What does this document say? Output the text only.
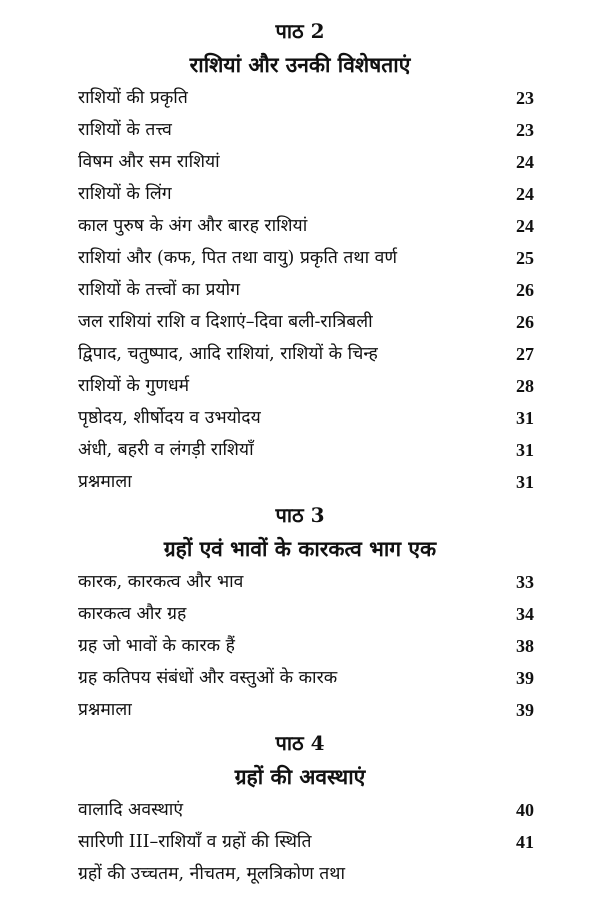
पाठ 2
राशियां और उनकी विशेषताएं
राशियों की प्रकृति	23
राशियों के तत्त्व	23
विषम और सम राशियां	24
राशियों के लिंग	24
काल पुरुष के अंग और बारह राशियां	24
राशियां और (कफ, पित तथा वायु) प्रकृति तथा वर्ण	25
राशियों के तत्त्वों का प्रयोग	26
जल राशियां राशि व दिशाएं–दिवा बली-रात्रिबली	26
द्विपाद, चतुष्पाद, आदि राशियां, राशियों के चिन्ह	27
राशियों के गुणधर्म	28
पृष्ठोदय, शीर्षोदय व उभयोदय	31
अंधी, बहरी व लंगड़ी राशियाँ	31
प्रश्नमाला	31
पाठ 3
ग्रहों एवं भावों के कारकत्व भाग एक
कारक, कारकत्व और भाव	33
कारकत्व और ग्रह	34
ग्रह जो भावों के कारक हैं	38
ग्रह कतिपय संबंधों और वस्तुओं के कारक	39
प्रश्नमाला	39
पाठ 4
ग्रहों की अवस्थाएं
वालादि अवस्थाएं	40
सारिणी III–राशियाँ व ग्रहों की स्थिति	41
ग्रहों की उच्चतम, नीचतम, मूलत्रिकोण तथा
